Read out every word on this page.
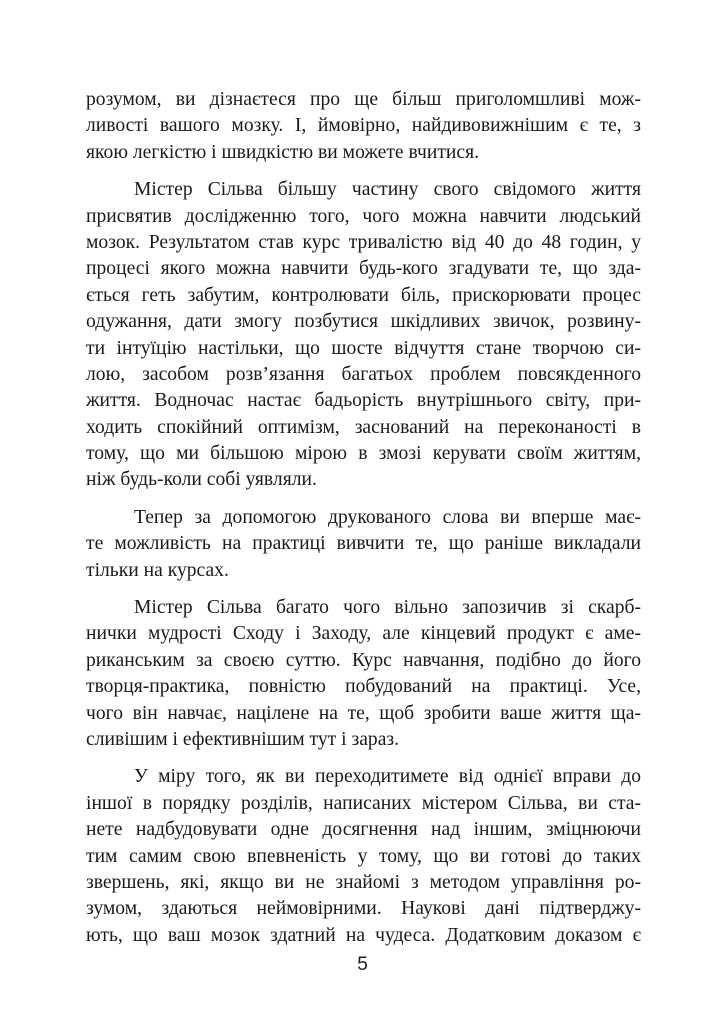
розумом, ви дізнаєтеся про ще більш приголомшливі мож-
ливості вашого мозку. І, ймовірно, найдивовижнішим є те, з
якою легкістю і швидкістю ви можете вчитися.
Містер Сільва більшу частину свого свідомого життя
присвятив дослідженню того, чого можна навчити людський
мозок. Результатом став курс тривалістю від 40 до 48 годин, у
процесі якого можна навчити будь-кого згадувати те, що зда-
ється геть забутим, контролювати біль, прискорювати процес
одужання, дати змогу позбутися шкідливих звичок, розвину-
ти інтуїцію настільки, що шосте відчуття стане творчою си-
лою, засобом розв’язання багатьох проблем повсякденного
життя. Водночас настає бадьорість внутрішнього світу, при-
ходить спокійний оптимізм, заснований на переконаності в
тому, що ми більшою мірою в змозі керувати своїм життям,
ніж будь-коли собі уявляли.
Тепер за допомогою друкованого слова ви вперше має-
те можливість на практиці вивчити те, що раніше викладали
тільки на курсах.
Містер Сільва багато чого вільно запозичив зі скарб-
нички мудрості Сходу і Заходу, але кінцевий продукт є аме-
риканським за своєю суттю. Курс навчання, подібно до його
творця-практика, повністю побудований на практиці. Усе,
чого він навчає, націлене на те, щоб зробити ваше життя ща-
сливішим і ефективнішим тут і зараз.
У міру того, як ви переходитимете від однієї вправи до
іншої в порядку розділів, написаних містером Сільва, ви ста-
нете надбудовувати одне досягнення над іншим, зміцнюючи
тим самим свою впевненість у тому, що ви готові до таких
звершень, які, якщо ви не знайомі з методом управління ро-
зумом, здаються неймовірними. Наукові дані підтверджу-
ють, що ваш мозок здатний на чудеса. Додатковим доказом є
5
